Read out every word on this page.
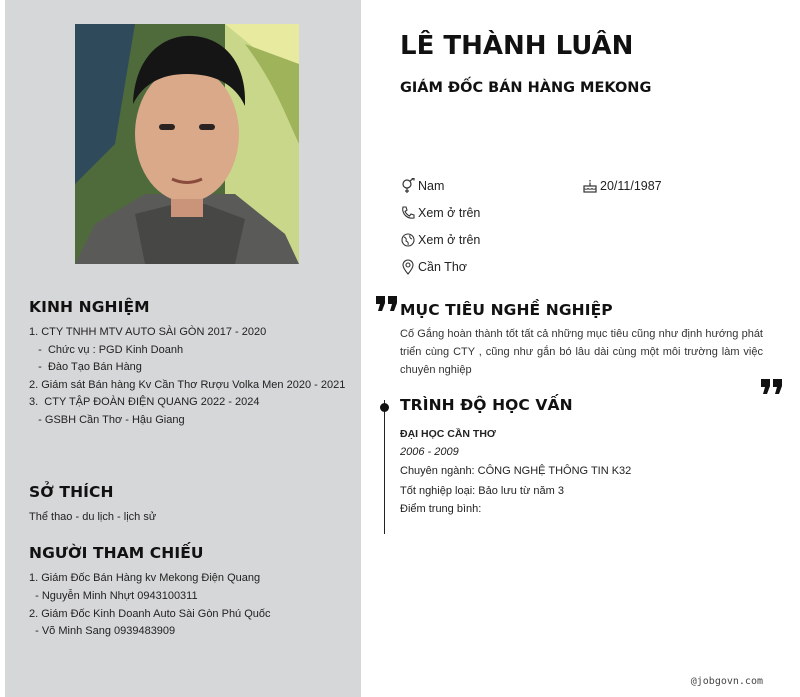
KINH NGHIỆM
1. CTY TNHH MTV AUTO SÀI GÒN 2017 - 2020
-  Chức vụ : PGD Kinh Doanh
-  Đào Tạo Bán Hàng
2. Giám sát Bán hàng Kv Cần Thơ Rượu Volka Men 2020 - 2021
3.  CTY TẬP ĐOÀN ĐIỆN QUANG 2022 - 2024
- GSBH Cần Thơ - Hậu Giang
SỞ THÍCH
Thể thao - du lịch - lịch sử
NGƯỜI THAM CHIẾU
1. Giám Đốc Bán Hàng kv Mekong Điện Quang
- Nguyễn Minh Nhựt 0943100311
2. Giám Đốc Kinh Doanh Auto Sài Gòn Phú Quốc
- Võ Minh Sang 0939483909
LÊ THÀNH LUÂN
GIÁM ĐỐC BÁN HÀNG MEKONG
Nam	20/11/1987
Xem ở trên
Xem ở trên
Cần Thơ
MỤC TIÊU NGHỀ NGHIỆP
Cố Gắng hoàn thành tốt tất cả những mục tiêu cũng như định hướng phát triển cùng CTY , cũng như gắn bó lâu dài cùng một môi trường làm việc chuyên nghiệp
TRÌNH ĐỘ HỌC VẤN
ĐẠI HỌC CẦN THƠ
2006 - 2009
Chuyên ngành: CÔNG NGHỆ THÔNG TIN K32
Tốt nghiệp loại: Bảo lưu từ năm 3
Điểm trung bình:
@jobgovn.com
